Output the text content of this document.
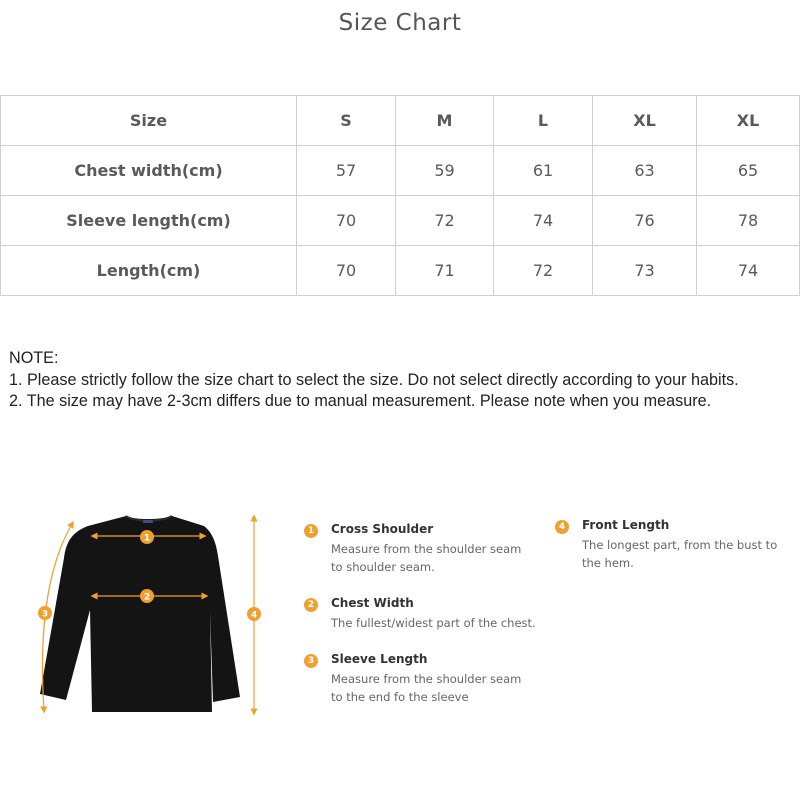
Size Chart
Size	S	M	L	XL	XL
Chest width(cm)	57	59	61	63	65
Sleeve length(cm)	70	72	74	76	78
Length(cm)	70	71	72	73	74
NOTE:
1. Please strictly follow the size chart to select the size. Do not select directly according to your habits.
2. The size may have 2-3cm differs due to manual measurement. Please note when you measure.
1
2
3	4
1	Cross Shoulder
Measure from the shoulder seam
to shoulder seam.
2	Chest Width
The fullest/widest part of the chest.
3	Sleeve Length
Measure from the shoulder seam
to the end fo the sleeve
4	Front Length
The longest part, from the bust to
the hem.
